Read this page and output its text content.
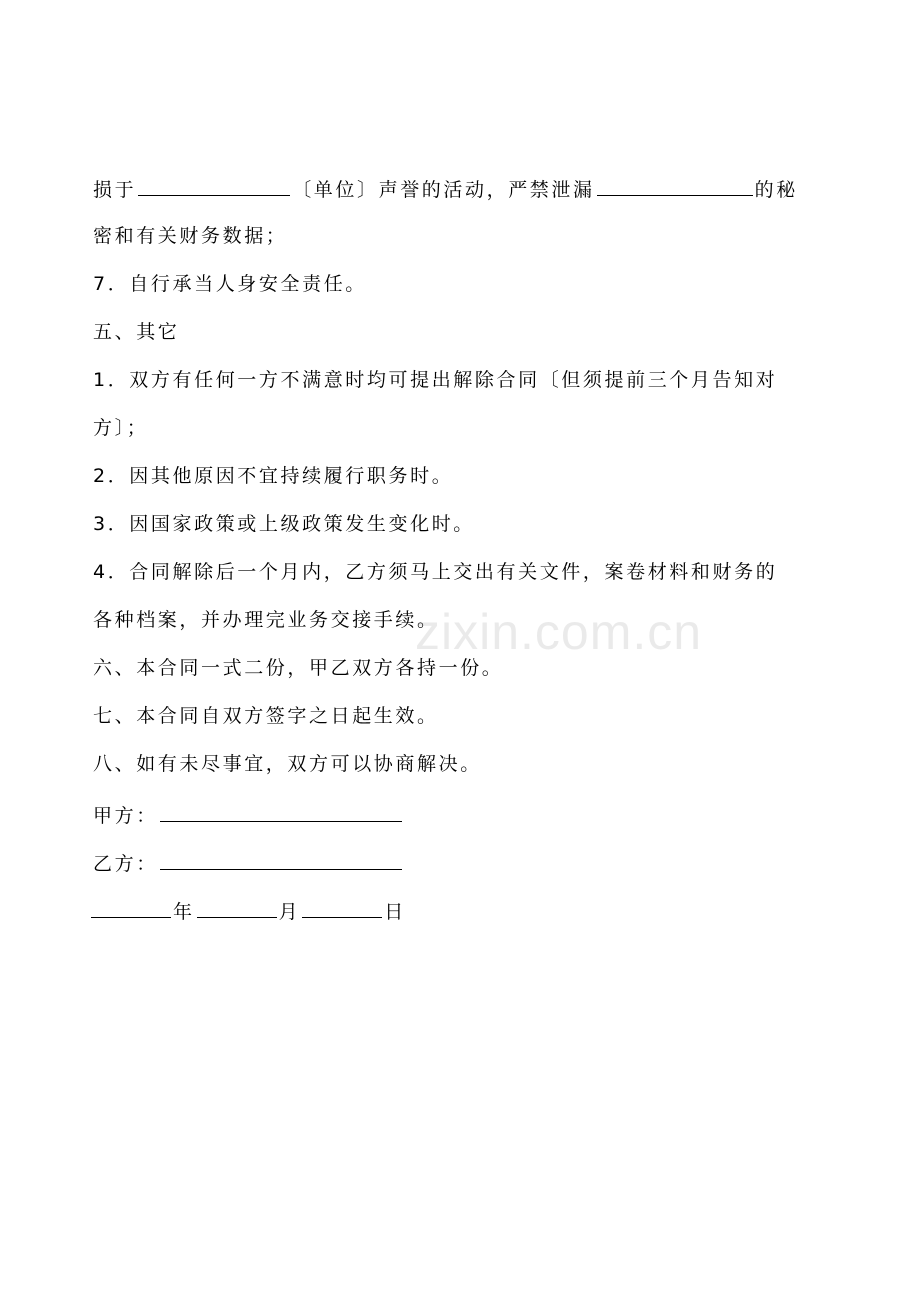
损于	〔单位〕声誉的活动，严禁泄漏	的秘
密和有关财务数据；
7．自行承当人身安全责任。
五、其它
1．双方有任何一方不满意时均可提出解除合同〔但须提前三个月告知对
方〕；
2．因其他原因不宜持续履行职务时。
3．因国家政策或上级政策发生变化时。
4．合同解除后一个月内，乙方须马上交出有关文件，案卷材料和财务的
各种档案，并办理完业务交接手续。
六、本合同一式二份，甲乙双方各持一份。
七、本合同自双方签字之日起生效。
八、如有未尽事宜，双方可以协商解决。
甲方：
乙方：
年	月	日
zixin.com.cn
